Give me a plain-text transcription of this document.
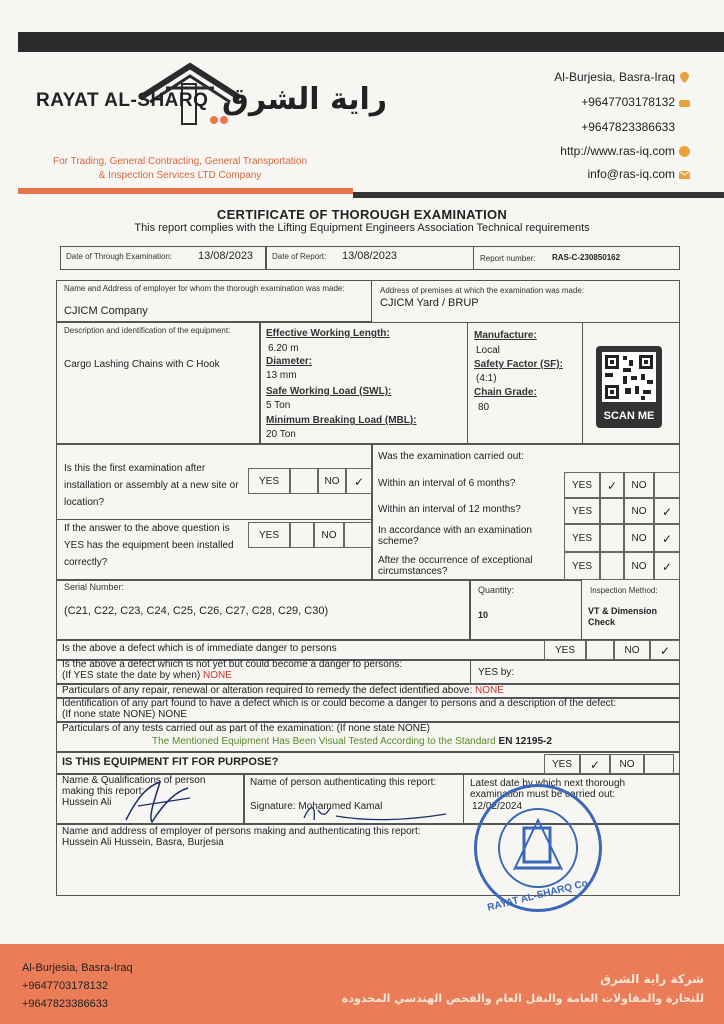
RAYAT AL-SHARQ راية الشرق
For Trading, General Contracting, General Transportation
& Inspection Services LTD Company
Al-Burjesia, Basra-Iraq
+9647703178132
+9647823386633
http://www.ras-iq.com
info@ras-iq.com
CERTIFICATE OF THOROUGH EXAMINATION
This report complies with the Lifting Equipment Engineers Association Technical requirements
Date of Through Examination: 13/08/2023 Date of Report: 13/08/2023	Report number: RAS-C-230850162
Name and Address of employer for whom the thorough examination was made:
CJICM Company
Address of premises at which the examination was made:
CJICM Yard / BRUP
Description and identification of the equipment:
Cargo Lashing Chains with C Hook
Effective Working Length:
6.20 m
Diameter:
13 mm
Safe Working Load (SWL):
5 Ton
Minimum Breaking Load (MBL):
20 Ton
Manufacture:
Local
Safety Factor (SF):
(4:1)
Chain Grade:
80
SCAN ME
Is this the first examination after installation or assembly at a new site or location?
YES	NO	✓
If the answer to the above question is YES has the equipment been installed correctly?
YES	NO
Was the examination carried out:
Within an interval of 6 months?	YES	✓	NO
Within an interval of 12 months?	YES	NO	✓
In accordance with an examination scheme?	YES	NO	✓
After the occurrence of exceptional circumstances?	YES	NO	✓
Serial Number:
(C21, C22, C23, C24, C25, C26, C27, C28, C29, C30)
Quantity:
10
Inspection Method:
VT & Dimension Check
Is the above a defect which is of immediate danger to persons	YES	NO	✓
Is the above a defect which is not yet but could become a danger to persons:
(If YES state the date by when) NONE	YES by:
Particulars of any repair, renewal or alteration required to remedy the defect identified above: NONE
Identification of any part found to have a defect which is or could become a danger to persons and a description of the defect:
(If none state NONE) NONE
Particulars of any tests carried out as part of the examination: (If none state NONE)
The Mentioned Equipment Has Been Visual Tested According to the Standard EN 12195-2
IS THIS EQUIPMENT FIT FOR PURPOSE?	YES	✓	NO
Name & Qualifications of person making this report:
Hussein Ali
Name of person authenticating this report:
Signature: Mohammed Kamal
Latest date by which next thorough examination must be carried out:
12/02/2024
Name and address of employer of persons making and authenticating this report:
Hussein Ali Hussein, Basra, Burjesia
RAYAT AL-SHARQ Co.
Al-Burjesia, Basra-Iraq
+9647703178132
+9647823386633
شركة راية الشرق
للتجارة والمقاولات العامة والنقل العام والفحص الهندسي المحدودة
